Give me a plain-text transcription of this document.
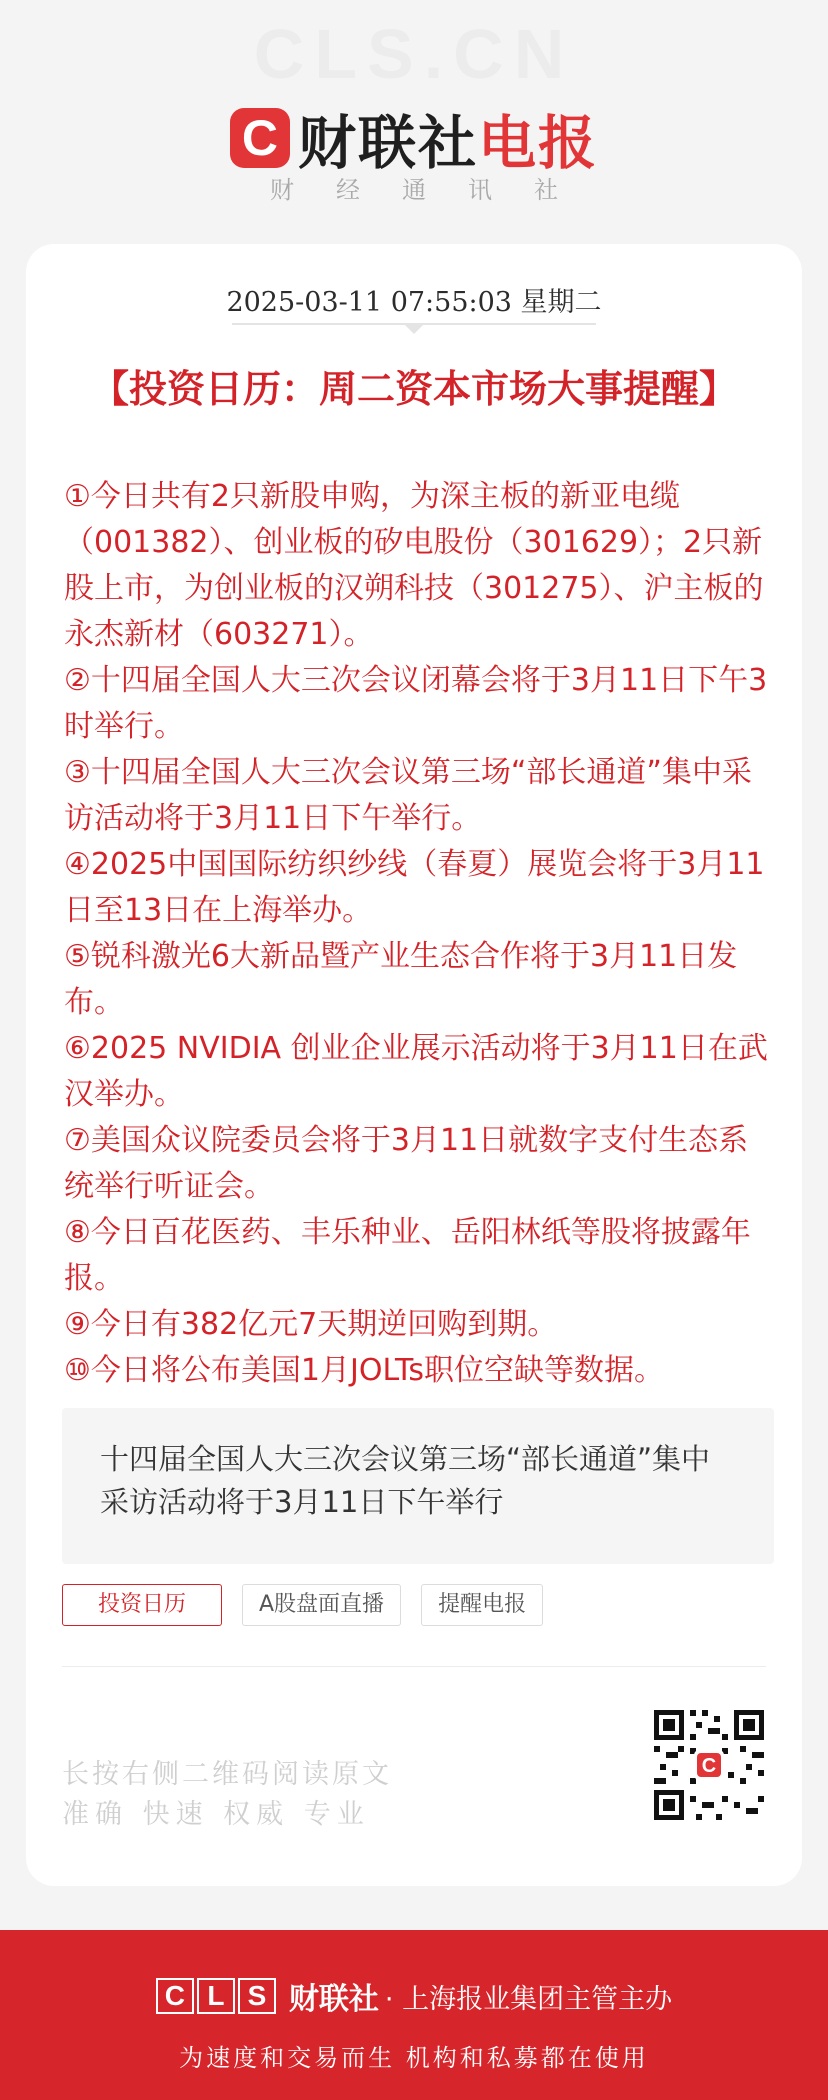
CLS.CN
C 财联社 电报
财经通讯社
2025-03-11 07:55:03 星期二
【投资日历：周二资本市场大事提醒】

①今日共有2只新股申购，为深主板的新亚电缆（001382）、创业板的矽电股份（301629）；2只新股上市，为创业板的汉朔科技（301275）、沪主板的永杰新材（603271）。

②十四届全国人大三次会议闭幕会将于3月11日下午3时举行。

③十四届全国人大三次会议第三场“部长通道”集中采访活动将于3月11日下午举行。

④2025中国国际纺织纱线（春夏）展览会将于3月11日至13日在上海举办。

⑤锐科激光6大新品暨产业生态合作将于3月11日发布。

⑥2025 NVIDIA 创业企业展示活动将于3月11日在武汉举办。

⑦美国众议院委员会将于3月11日就数字支付生态系统举行听证会。

⑧今日百花医药、丰乐种业、岳阳林纸等股将披露年报。

⑨今日有382亿元7天期逆回购到期。

⑩今日将公布美国1月JOLTs职位空缺等数据。

十四届全国人大三次会议第三场“部长通道”集中采访活动将于3月11日下午举行
投资日历	A股盘面直播	提醒电报
长按右侧二维码阅读原文
准确 快速 权威 专业
C
C L S 财联社 · 上海报业集团主管主办
为速度和交易而生 机构和私募都在使用
